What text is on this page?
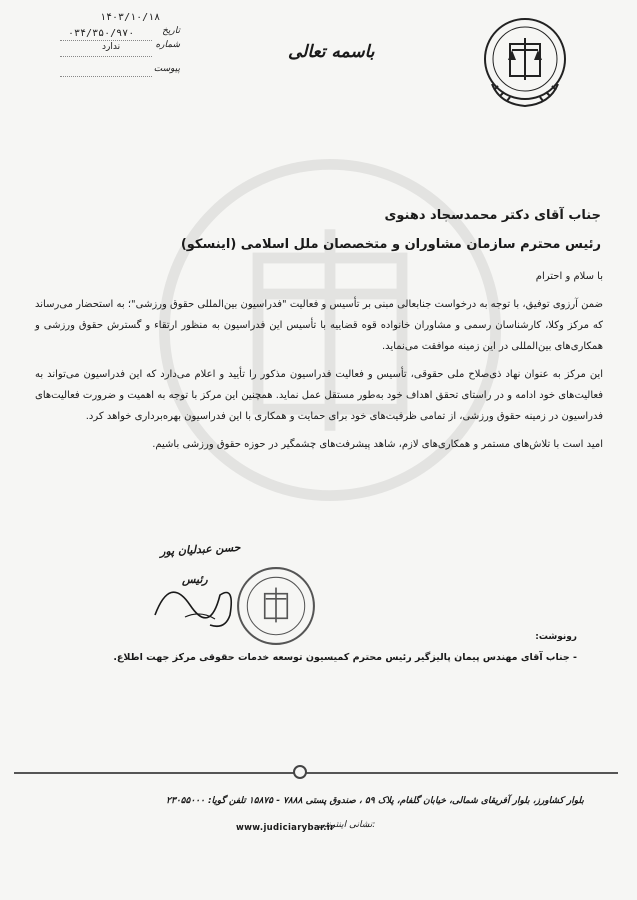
باسمه تعالی
۱۴۰۳/۱۰/۱۸
تاریخ
۰۳۴/۳۵۰/۹۷۰
شماره
ندارد
پیوست
جناب آقای دکتر محمدسجاد دهنوی
رئیس محترم سازمان مشاوران و متخصصان ملل اسلامی (اینسکو)

با سلام و احترام

ضمن آرزوی توفیق، با توجه به درخواست جنابعالی مبنی بر تأسیس و فعالیت "فدراسیون بین‌المللی حقوق ورزشی"؛ به استحضار می‌رساند که مرکز وکلا، کارشناسان رسمی و مشاوران خانواده قوه قضاییه با تأسیس این فدراسیون به منظور ارتقاء و گسترش حقوق ورزشی و همکاری‌های بین‌المللی در این زمینه موافقت می‌نماید.

این مرکز به عنوان نهاد ذی‌صلاح ملی حقوقی، تأسیس و فعالیت فدراسیون مذکور را تأیید و اعلام می‌دارد که این فدراسیون می‌تواند به فعالیت‌های خود ادامه و در راستای تحقق اهداف خود به‌طور مستقل عمل نماید. همچنین این مرکز با توجه به اهمیت و ضرورت فعالیت‌های فدراسیون در زمینه حقوق ورزشی، از تمامی ظرفیت‌های خود برای حمایت و همکاری با این فدراسیون بهره‌برداری خواهد کرد.

امید است با تلاش‌های مستمر و همکاری‌های لازم، شاهد پیشرفت‌های چشمگیر در حوزه حقوق ورزشی باشیم.

حسن عبدلیان پور
رئیس
رونوشت:
- جناب آقای مهندس پیمان پالیزگیر رئیس محترم کمیسیون توسعه خدمات حقوقی مرکز جهت اطلاع.
بلوار کشاورز، بلوار آفریقای شمالی، خیابان گلفام، پلاک ۵۹ ، صندوق پستی ۷۸۸۸ - ۱۵۸۷۵ تلفن گویا: ۲۳۰۵۵۰۰۰
نشانی اینترنتی:
www.judiciarybar.ir
